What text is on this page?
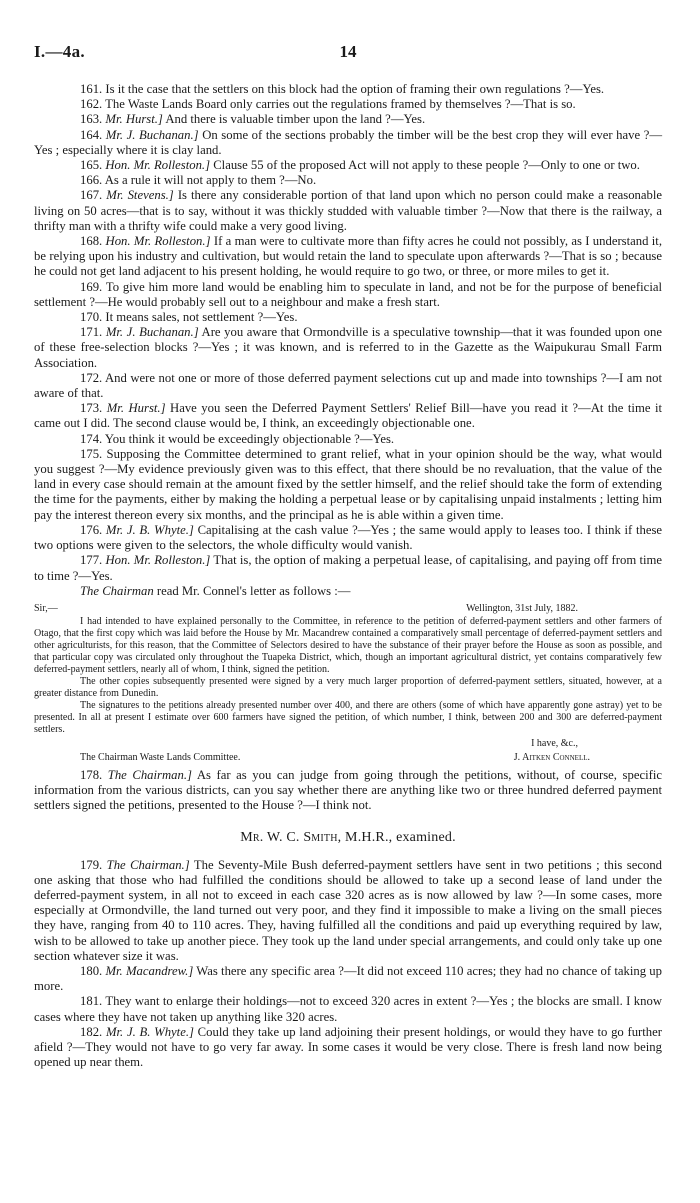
I.—4a.	14

161. Is it the case that the settlers on this block had the option of framing their own regulations ?—Yes.

162. The Waste Lands Board only carries out the regulations framed by themselves ?—That is so.

163. Mr. Hurst.] And there is valuable timber upon the land ?—Yes.

164. Mr. J. Buchanan.] On some of the sections probably the timber will be the best crop they will ever have ?—Yes ; especially where it is clay land.

165. Hon. Mr. Rolleston.] Clause 55 of the proposed Act will not apply to these people ?—Only to one or two.

166. As a rule it will not apply to them ?—No.

167. Mr. Stevens.] Is there any considerable portion of that land upon which no person could make a reasonable living on 50 acres—that is to say, without it was thickly studded with valuable timber ?—Now that there is the railway, a thrifty man with a thrifty wife could make a very good living.

168. Hon. Mr. Rolleston.] If a man were to cultivate more than fifty acres he could not possibly, as I understand it, be relying upon his industry and cultivation, but would retain the land to speculate upon afterwards ?—That is so ; because he could not get land adjacent to his present holding, he would require to go two, or three, or more miles to get it.

169. To give him more land would be enabling him to speculate in land, and not be for the purpose of beneficial settlement ?—He would probably sell out to a neighbour and make a fresh start.

170. It means sales, not settlement ?—Yes.

171. Mr. J. Buchanan.] Are you aware that Ormondville is a speculative township—that it was founded upon one of these free-selection blocks ?—Yes ; it was known, and is referred to in the Gazette as the Waipukurau Small Farm Association.

172. And were not one or more of those deferred payment selections cut up and made into townships ?—I am not aware of that.

173. Mr. Hurst.] Have you seen the Deferred Payment Settlers' Relief Bill—have you read it ?—At the time it came out I did. The second clause would be, I think, an exceedingly objectionable one.

174. You think it would be exceedingly objectionable ?—Yes.

175. Supposing the Committee determined to grant relief, what in your opinion should be the way, what would you suggest ?—My evidence previously given was to this effect, that there should be no revaluation, that the value of the land in every case should remain at the amount fixed by the settler himself, and the relief should take the form of extending the time for the payments, either by making the holding a perpetual lease or by capitalising unpaid instalments ; letting him pay the interest thereon every six months, and the principal as he is able within a given time.

176. Mr. J. B. Whyte.] Capitalising at the cash value ?—Yes ; the same would apply to leases too. I think if these two options were given to the selectors, the whole difficulty would vanish.

177. Hon. Mr. Rolleston.] That is, the option of making a perpetual lease, of capitalising, and paying off from time to time ?—Yes.

The Chairman read Mr. Connel's letter as follows :—

Sir,—	Wellington, 31st July, 1882.

I had intended to have explained personally to the Committee, in reference to the petition of deferred-payment settlers and other farmers of Otago, that the first copy which was laid before the House by Mr. Macandrew contained a comparatively small percentage of deferred-payment settlers and other agriculturists, for this reason, that the Committee of Selectors desired to have the substance of their prayer before the House as soon as possible, and that particular copy was circulated only throughout the Tuapeka District, which, though an important agricultural district, yet contains comparatively few deferred-payment settlers, nearly all of whom, I think, signed the petition.

The other copies subsequently presented were signed by a very much larger proportion of deferred-payment settlers, situated, however, at a greater distance from Dunedin.

The signatures to the petitions already presented number over 400, and there are others (some of which have apparently gone astray) yet to be presented. In all at present I estimate over 600 farmers have signed the petition, of which number, I think, between 200 and 300 are deferred-payment settlers.

I have, &c.,
The Chairman Waste Lands Committee.	J. Aitken Connell.

178. The Chairman.] As far as you can judge from going through the petitions, without, of course, specific information from the various districts, can you say whether there are anything like two or three hundred deferred payment settlers signed the petitions, presented to the House ?—I think not.

Mr. W. C. Smith, M.H.R., examined.

179. The Chairman.] The Seventy-Mile Bush deferred-payment settlers have sent in two petitions ; this second one asking that those who had fulfilled the conditions should be allowed to take up a second lease of land under the deferred-payment system, in all not to exceed in each case 320 acres as is now allowed by law ?—In some cases, more especially at Ormondville, the land turned out very poor, and they find it impossible to make a living on the small pieces they have, ranging from 40 to 110 acres. They, having fulfilled all the conditions and paid up everything required by law, wish to be allowed to take up another piece. They took up the land under special arrangements, and could only take up one section whatever size it was.

180. Mr. Macandrew.] Was there any specific area ?—It did not exceed 110 acres; they had no chance of taking up more.

181. They want to enlarge their holdings—not to exceed 320 acres in extent ?—Yes ; the blocks are small. I know cases where they have not taken up anything like 320 acres.

182. Mr. J. B. Whyte.] Could they take up land adjoining their present holdings, or would they have to go further afield ?—They would not have to go very far away. In some cases it would be very close. There is fresh land now being opened up near them.
